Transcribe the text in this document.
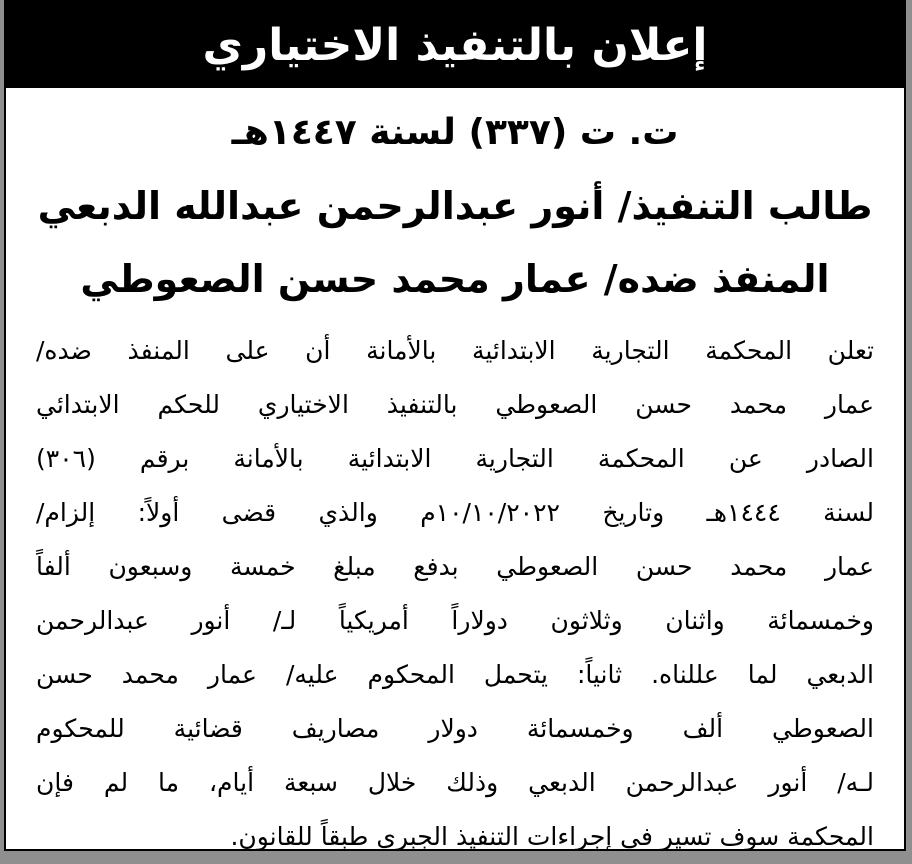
إعلان بالتنفيذ الاختياري
ت. ت (٣٣٧) لسنة ١٤٤٧هـ
طالب التنفيذ/ أنور عبدالرحمن عبدالله الدبعي
المنفذ ضده/ عمار محمد حسن الصعوطي
تعلن المحكمة التجارية الابتدائية بالأمانة أن على المنفذ ضده/
عمار محمد حسن الصعوطي بالتنفيذ الاختياري للحكم الابتدائي
الصادر عن المحكمة التجارية الابتدائية بالأمانة برقم (٣٠٦)
لسنة ١٤٤٤هـ وتاريخ ١٠/١٠/٢٠٢٢م والذي قضى أولاً: إلزام/
عمار محمد حسن الصعوطي بدفع مبلغ خمسة وسبعون ألفاً
وخمسمائة واثنان وثلاثون دولاراً أمريكياً لـ/ أنور عبدالرحمن
الدبعي لما عللناه. ثانياً: يتحمل المحكوم عليه/ عمار محمد حسن
الصعوطي ألف وخمسمائة دولار مصاريف قضائية للمحكوم
لـه/ أنور عبدالرحمن الدبعي وذلك خلال سبعة أيام، ما لم فإن
المحكمة سوف تسير في إجراءات التنفيذ الجبري طبقاً للقانون.
